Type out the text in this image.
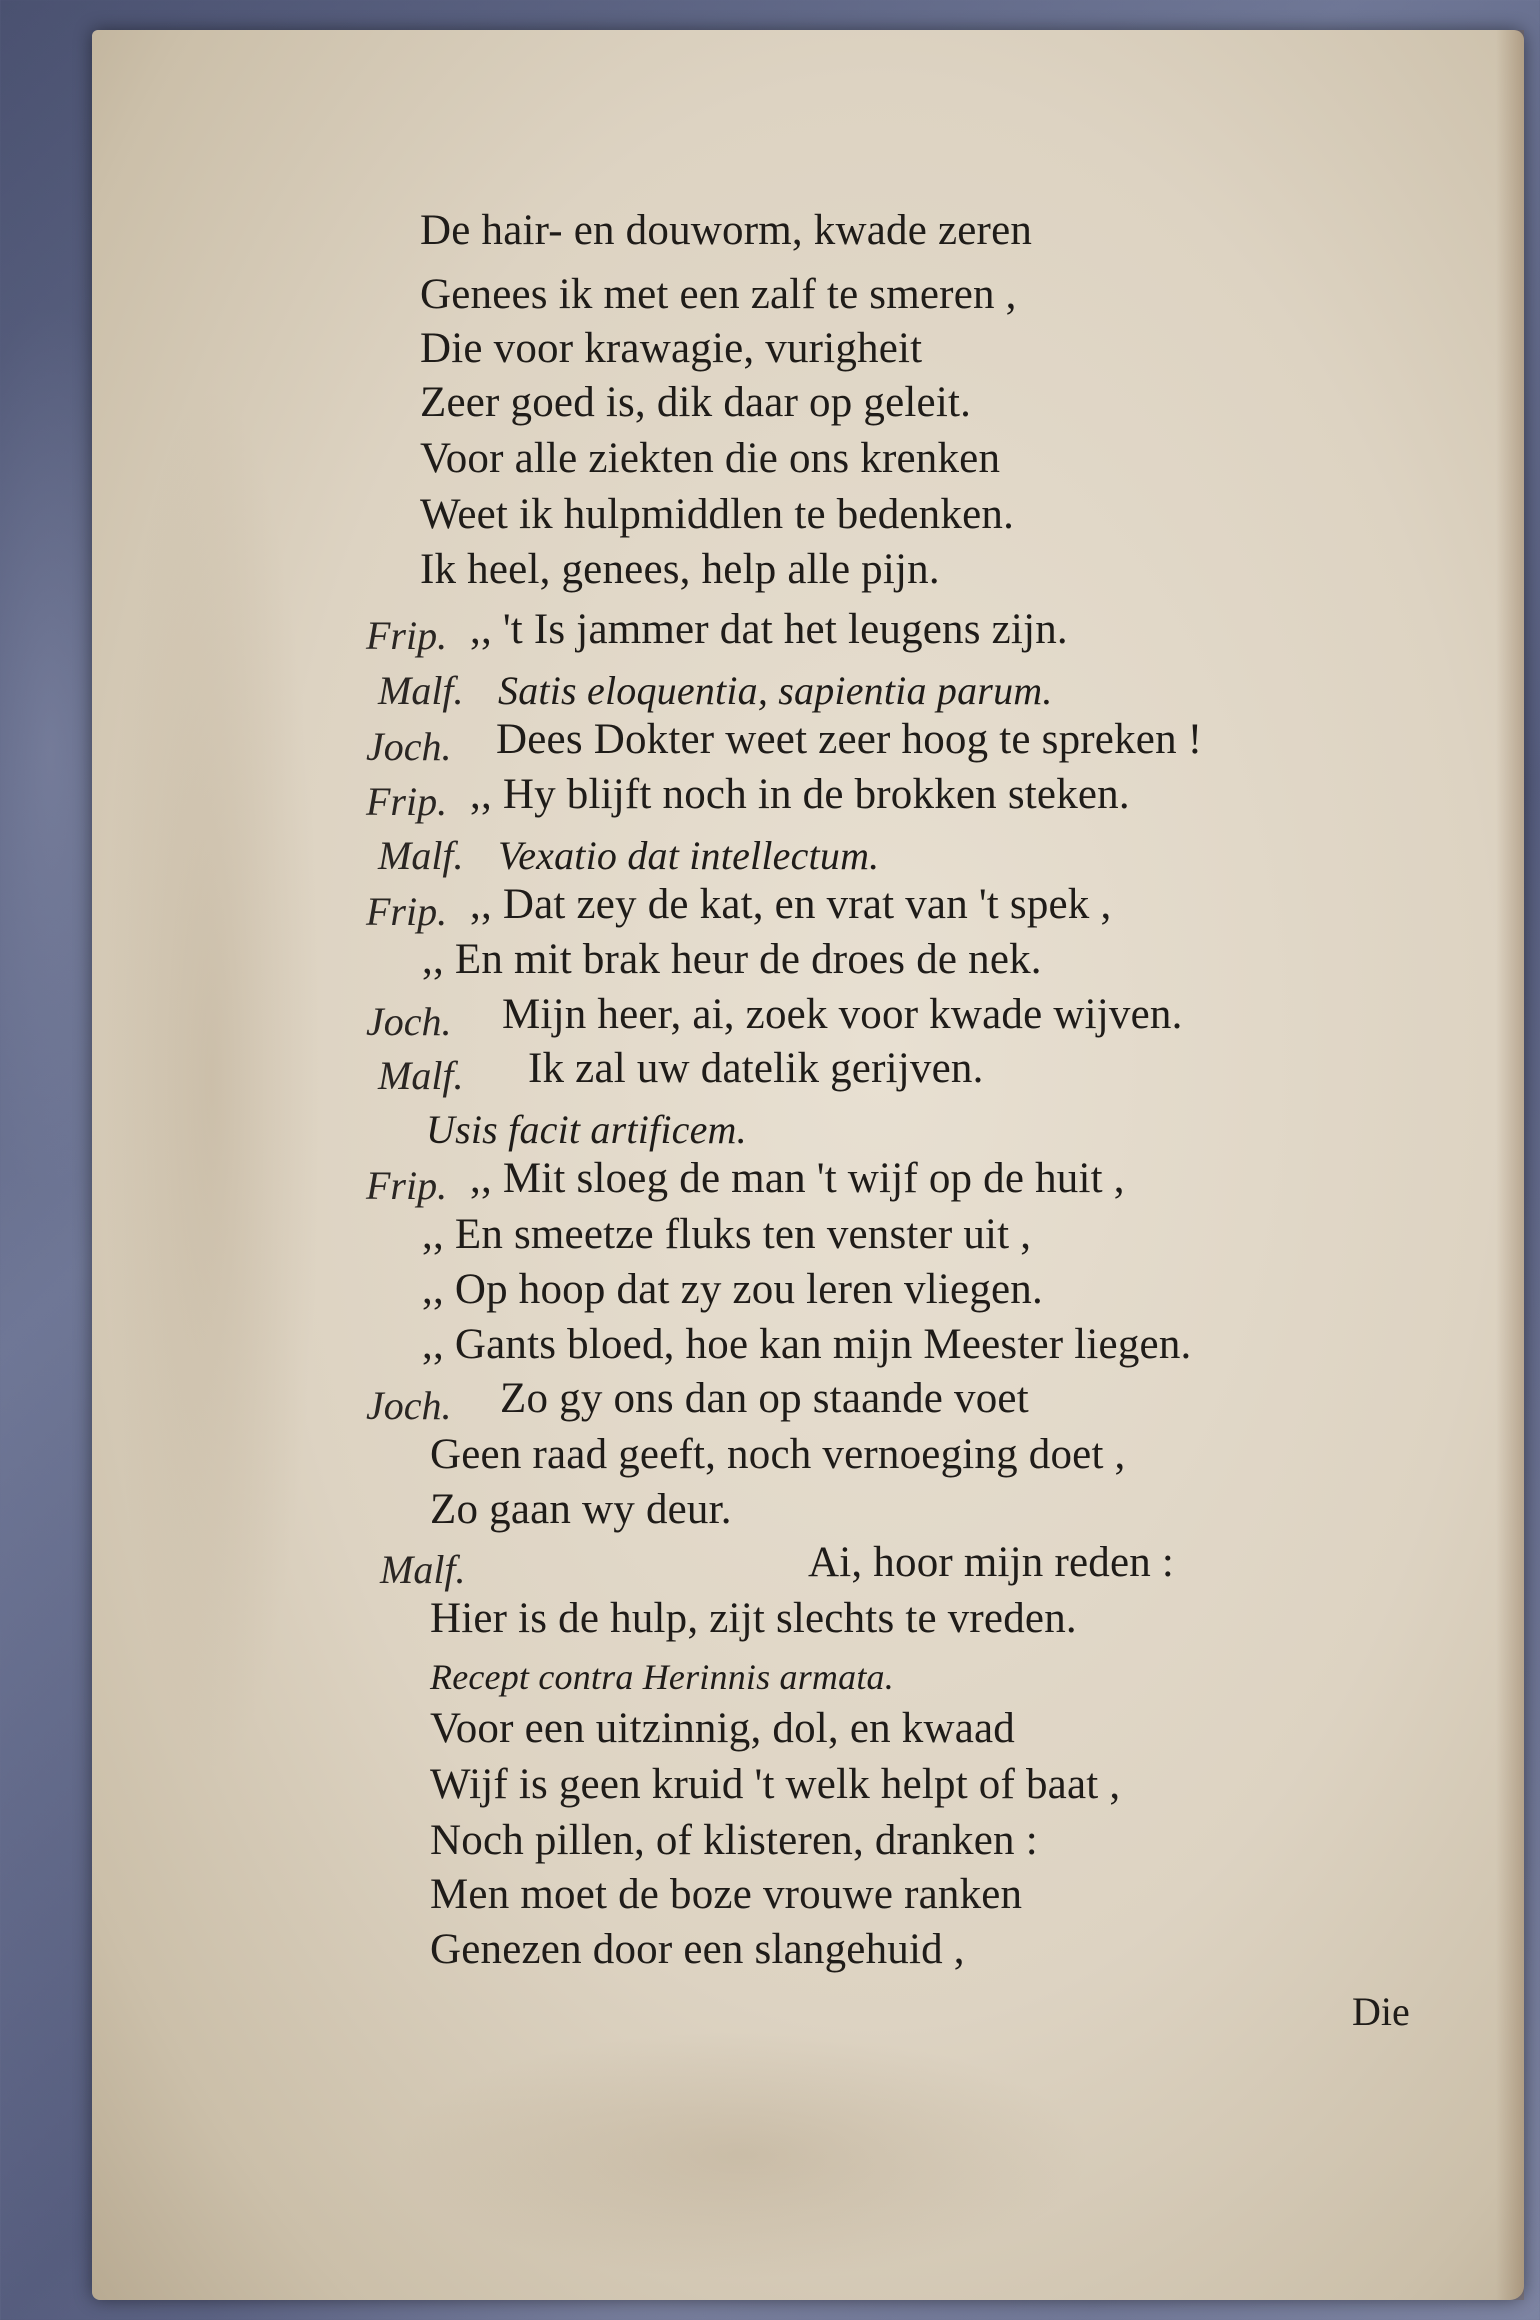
De hair- en douworm, kwade zeren
Genees ik met een zalf te smeren ,
Die voor krawagie, vurigheit
Zeer goed is, dik daar op geleit.
Voor alle ziekten die ons krenken
Weet ik hulpmiddlen te bedenken.
Ik heel, genees, help alle pijn.
Frip. ,, 't Is jammer dat het leugens zijn.
Malf. Satis eloquentia, sapientia parum.
Joch. Dees Dokter weet zeer hoog te spreken !
Frip. ,, Hy blijft noch in de brokken steken.
Malf. Vexatio dat intellectum.
Frip. ,, Dat zey de kat, en vrat van 't spek ,
,, En mit brak heur de droes de nek.
Joch. Mijn heer, ai, zoek voor kwade wijven.
Malf. Ik zal uw datelik gerijven.
Usis facit artificem.
Frip. ,, Mit sloeg de man 't wijf op de huit ,
,, En smeetze fluks ten venster uit ,
,, Op hoop dat zy zou leren vliegen.
,, Gants bloed, hoe kan mijn Meester liegen.
Joch. Zo gy ons dan op staande voet
Geen raad geeft, noch vernoeging doet ,
Zo gaan wy deur.
Malf.	Ai, hoor mijn reden :
Hier is de hulp, zijt slechts te vreden.
Recept contra Herinnis armata.
Voor een uitzinnig, dol, en kwaad
Wijf is geen kruid 't welk helpt of baat ,
Noch pillen, of klisteren, dranken :
Men moet de boze vrouwe ranken
Genezen door een slangehuid ,
Die
